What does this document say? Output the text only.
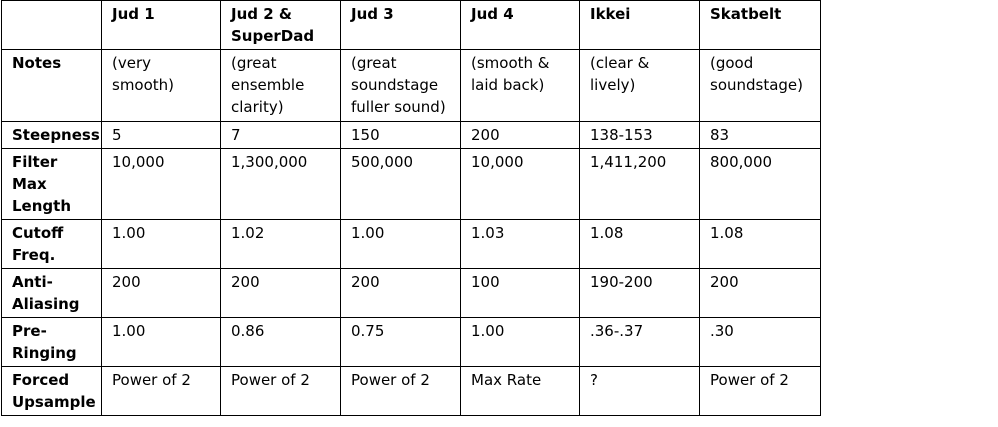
	Jud 1	Jud 2 & SuperDad	Jud 3	Jud 4	Ikkei	Skatbelt
Notes	(very smooth)	(great ensemble clarity)	(great soundstage fuller sound)	(smooth & laid back)	(clear & lively)	(good soundstage)
Steepness	5	7	150	200	138-153	83
Filter Max Length	10,000	1,300,000	500,000	10,000	1,411,200	800,000
Cutoff Freq.	1.00	1.02	1.00	1.03	1.08	1.08
Anti-Aliasing	200	200	200	100	190-200	200
Pre-Ringing	1.00	0.86	0.75	1.00	.36-.37	.30
Forced Upsample	Power of 2	Power of 2	Power of 2	Max Rate	?	Power of 2
